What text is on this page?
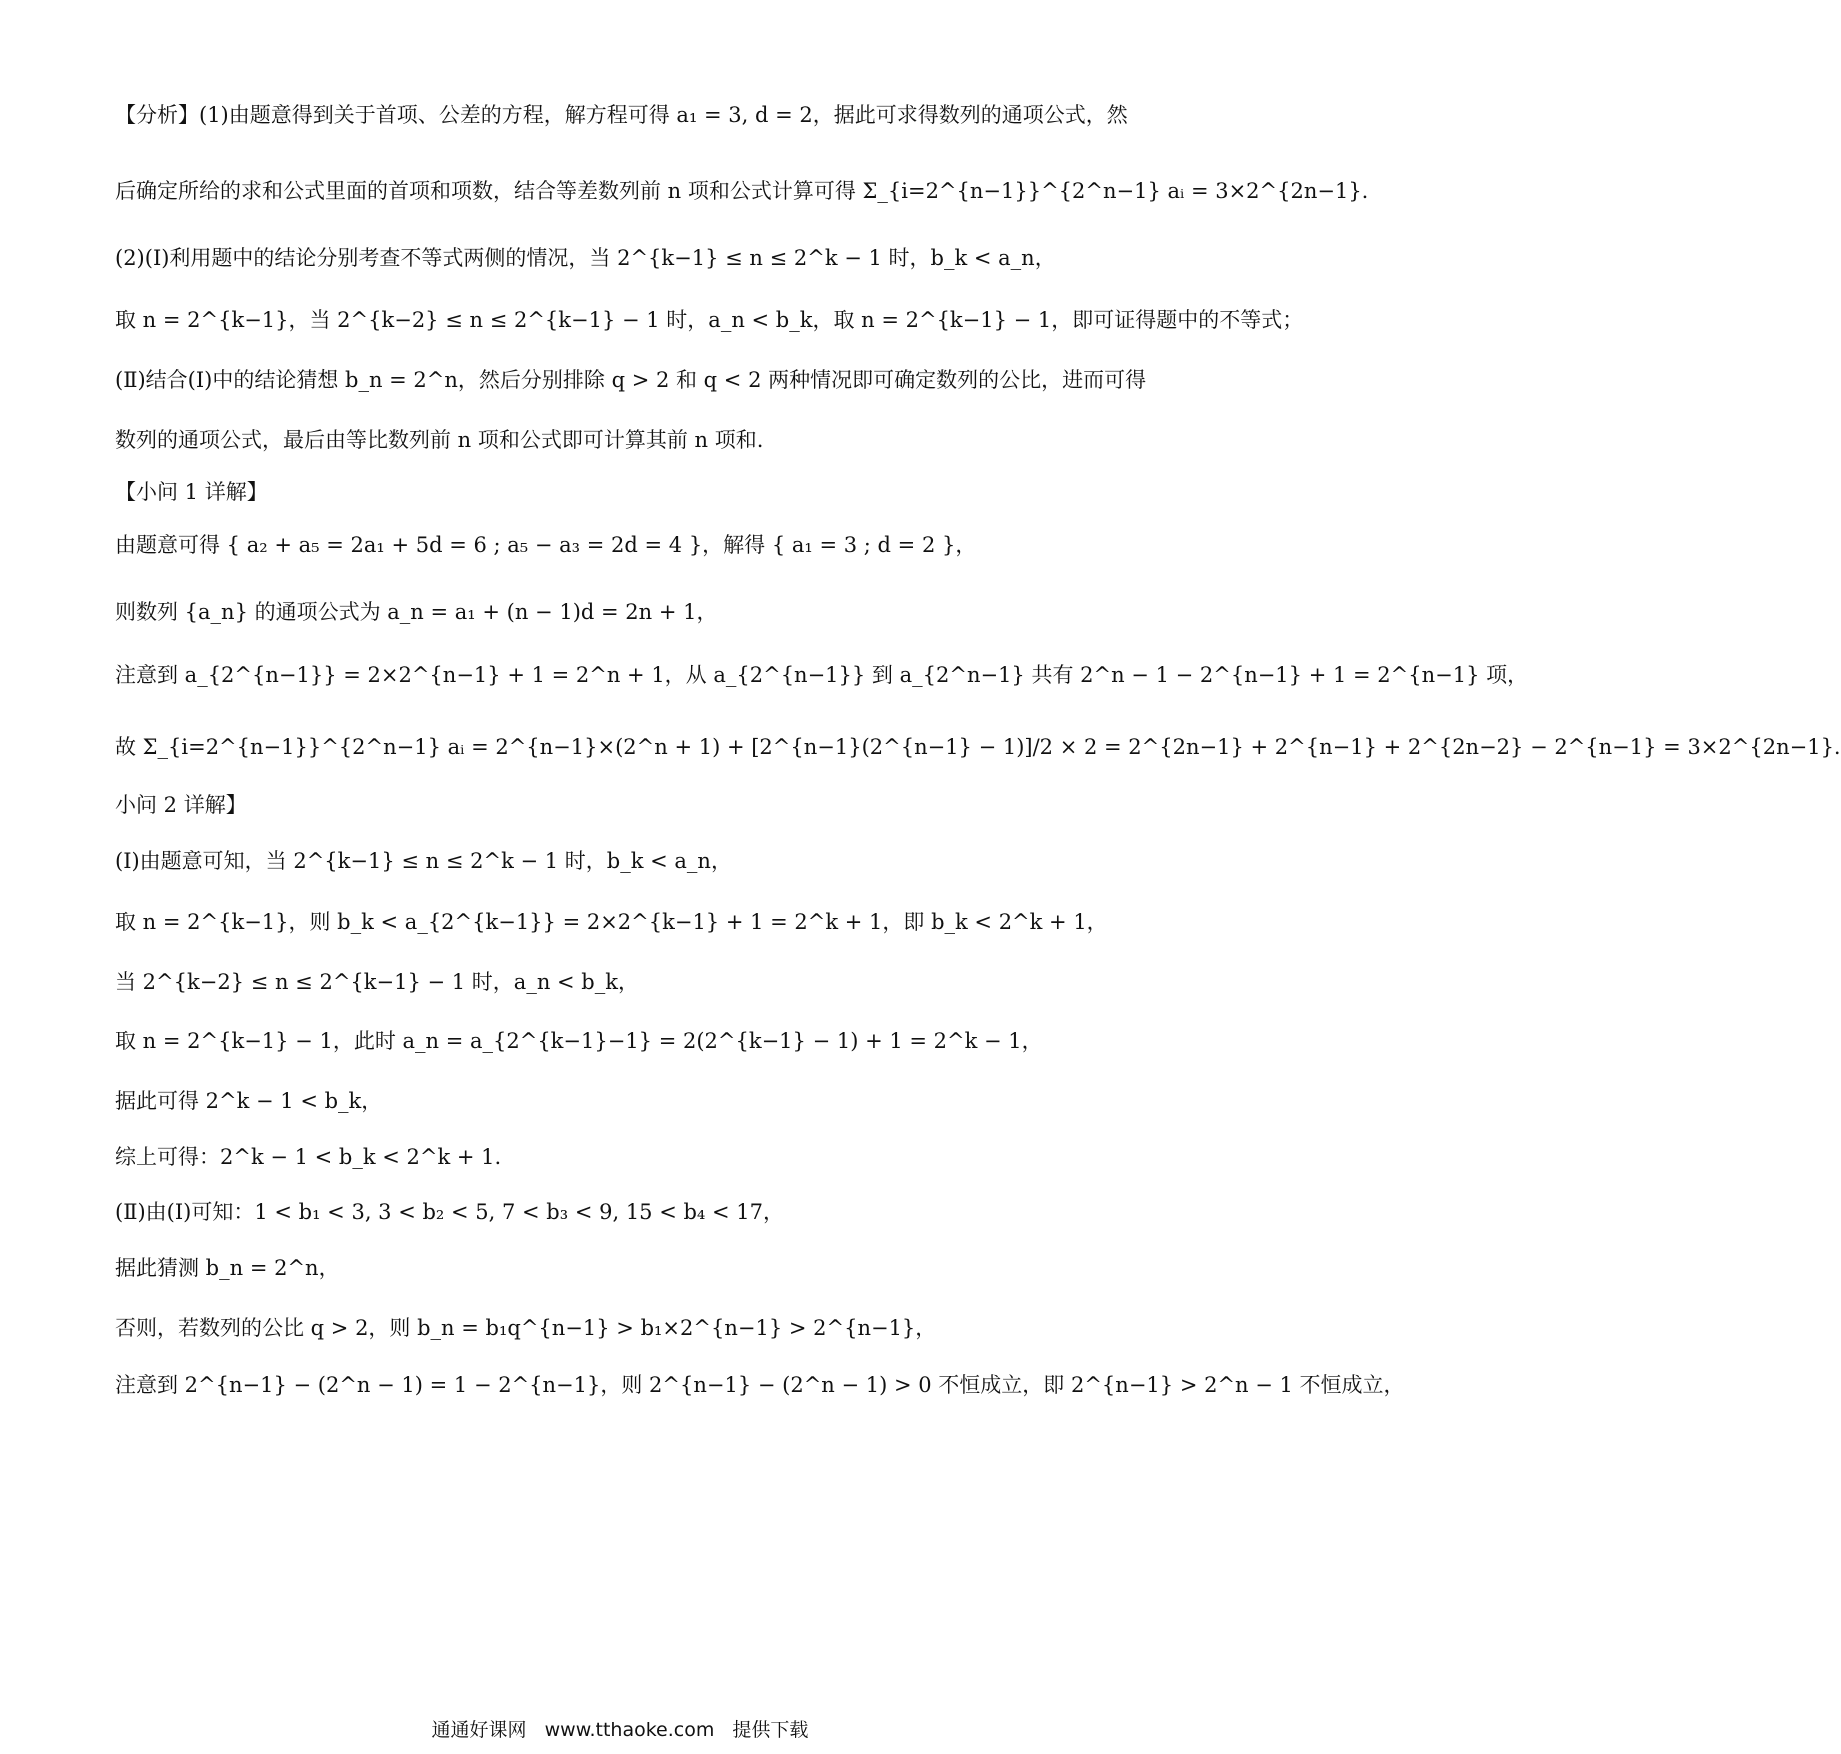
【分析】(1)由题意得到关于首项、公差的方程，解方程可得 a₁ = 3, d = 2，据此可求得数列的通项公式，然
后确定所给的求和公式里面的首项和项数，结合等差数列前 n 项和公式计算可得 Σ_{i=2^{n−1}}^{2^n−1} aᵢ = 3×2^{2n−1}.
(2)(Ⅰ)利用题中的结论分别考查不等式两侧的情况，当 2^{k−1} ≤ n ≤ 2^k − 1 时，b_k < a_n，
取 n = 2^{k−1}，当 2^{k−2} ≤ n ≤ 2^{k−1} − 1 时，a_n < b_k，取 n = 2^{k−1} − 1，即可证得题中的不等式；
(Ⅱ)结合(Ⅰ)中的结论猜想 b_n = 2^n，然后分别排除 q > 2 和 q < 2 两种情况即可确定数列的公比，进而可得
数列的通项公式，最后由等比数列前 n 项和公式即可计算其前 n 项和.
【小问 1 详解】
由题意可得 { a₂ + a₅ = 2a₁ + 5d = 6 ; a₅ − a₃ = 2d = 4 }，解得 { a₁ = 3 ; d = 2 }，
则数列 {a_n} 的通项公式为 a_n = a₁ + (n − 1)d = 2n + 1，
注意到 a_{2^{n−1}} = 2×2^{n−1} + 1 = 2^n + 1，从 a_{2^{n−1}} 到 a_{2^n−1} 共有 2^n − 1 − 2^{n−1} + 1 = 2^{n−1} 项，
故 Σ_{i=2^{n−1}}^{2^n−1} aᵢ = 2^{n−1}×(2^n + 1) + [2^{n−1}(2^{n−1} − 1)]/2 × 2 = 2^{2n−1} + 2^{n−1} + 2^{2n−2} − 2^{n−1} = 3×2^{2n−1}.
小问 2 详解】
(Ⅰ)由题意可知，当 2^{k−1} ≤ n ≤ 2^k − 1 时，b_k < a_n，
取 n = 2^{k−1}，则 b_k < a_{2^{k−1}} = 2×2^{k−1} + 1 = 2^k + 1，即 b_k < 2^k + 1，
当 2^{k−2} ≤ n ≤ 2^{k−1} − 1 时，a_n < b_k，
取 n = 2^{k−1} − 1，此时 a_n = a_{2^{k−1}−1} = 2(2^{k−1} − 1) + 1 = 2^k − 1，
据此可得 2^k − 1 < b_k，
综上可得：2^k − 1 < b_k < 2^k + 1.
(Ⅱ)由(Ⅰ)可知：1 < b₁ < 3, 3 < b₂ < 5, 7 < b₃ < 9, 15 < b₄ < 17，
据此猜测 b_n = 2^n，
否则，若数列的公比 q > 2，则 b_n = b₁q^{n−1} > b₁×2^{n−1} > 2^{n−1}，
注意到 2^{n−1} − (2^n − 1) = 1 − 2^{n−1}，则 2^{n−1} − (2^n − 1) > 0 不恒成立，即 2^{n−1} > 2^n − 1 不恒成立，
通通好课网 www.tthaoke.com 提供下载
